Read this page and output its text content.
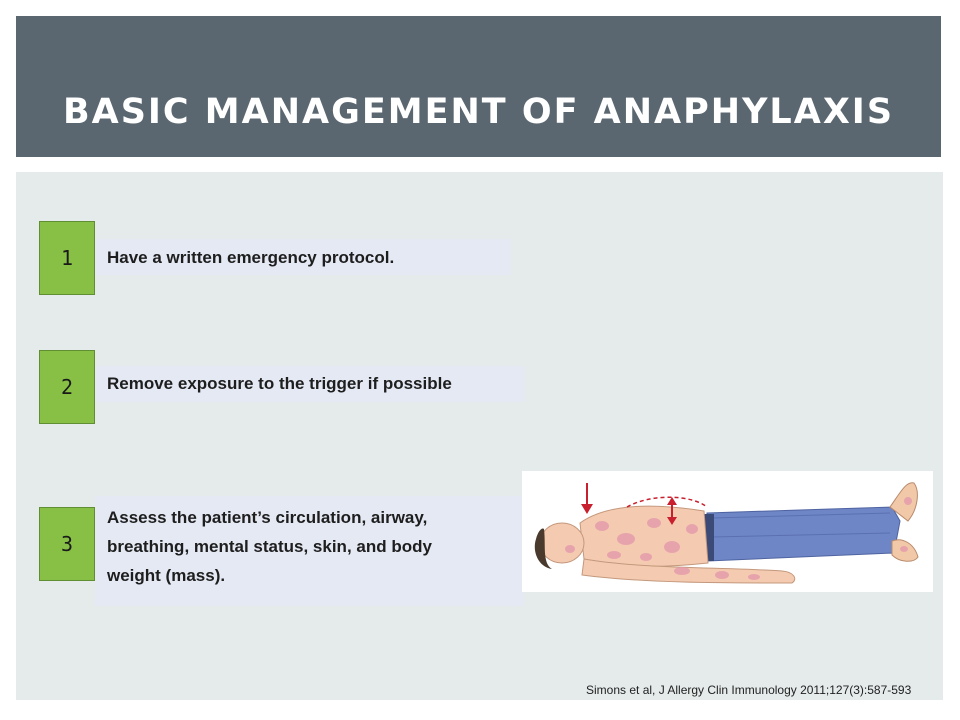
BASIC MANAGEMENT OF ANAPHYLAXIS
1	Have a written emergency protocol.
2	Remove exposure to the trigger if possible
3
Assess the patient’s circulation, airway,
breathing, mental status, skin, and body
weight (mass).
Simons et al, J Allergy Clin Immunology 2011;127(3):587-593
